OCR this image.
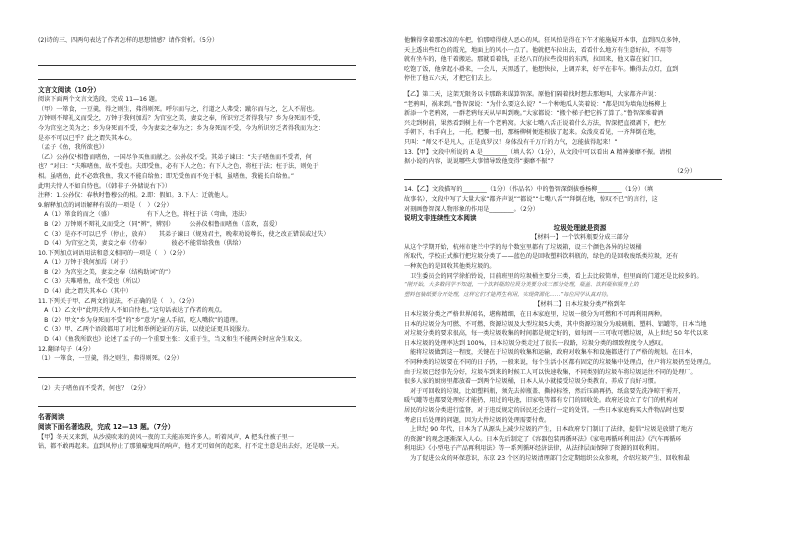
(2)诗的三、四两句表达了作者怎样的思想情感？请作赏析。（5分）

文言文阅读（10分）

阅读下面两个文言文选段，完成 11—16 题。

（甲）一箪食，一豆羹，得之则生，弗得则死。呼尔而与之，行道之人弗受；蹴尔而与之，乞人不屑也。

万钟则不辩礼义而受之，万钟于我何加焉？为宫室之美，妻妾之奉，所识穷乏者得我与？乡为身死而不受，

今为宫室之美为之；乡为身死而不受，今为妻妾之奉为之；乡为身死而不受，今为所识穷乏者得我而为之：

是亦不可以已乎？此之谓失其本心。

（孟子《鱼，我所欲也》）

（乙）公孙仪¹相鲁而嗜鱼，一国尽争买鱼而献之。公孙仪不受。其弟子谏曰：“夫子嗜鱼而不受者，何

也？”对曰：“夫唯嗜鱼，故不受也。夫即受鱼，必有下人之色；有下人之色，将枉于法；枉于法，则免于

相。虽嗜鱼，此不必致我鱼，我又不能自给鱼；即无受鱼而不免于相，虽嗜鱼，我能长自给鱼。”

此明夫恃人不如自恃也。（《韩非子·外储说右下》）

注释：1.公孙仪：春秋时鲁穆公的相。2.即：假如。3.下人：迁就他人。

9.解释加点的词语解释有误的一项是（　）（2分）

　A（1）箪食的而之（盛）　　　　　　有下人之色，将枉于法（弯曲，违法）

　B（2）万钟则不辩礼义而受之（同“辨”，辨别）　　　公孙仪相鲁而嗜鱼（喜欢，喜爱）

　C（3）是亦不可以已乎（停止，放弃）　　其弟子谏曰（规劝君主，晚辈劝说尊长，使之改正错误或过失）

　D（4）为宫室之美，妻妾之奉（侍奉）　　　　彼必不能常给我鱼（供给）

10.下列加点词语用法和意义相同的一项是（　）（2分）

　A（1）万钟于我何加焉（对于）

　B（2）为宫室之美，妻妾之奉（结构助词“的”）

　C（3）夫唯嗜鱼，故不受也（所以）

　D（4）此之谓失其本心（其中）

11.下列关于甲、乙两文的说法，不正确的是（　）。（2分）

　A（1）乙文中“此明夫恃人不如自恃也。”这句话表达了作者的观点。

　B（2）甲文“乡为身死而不受”的“乡”意为“童人手招，吃人嘴软”的道理。

　C（3）甲、乙两个语段都用了对比和举例论证的方法，以使论证更具说服力。

　D（4）《鱼我所欲也》论述了孟子的一个重要主张：义重于生，当义和生不能两全时应舍生取义。

12.翻译句子（4分）

（1）一箪食，一豆羹，得之则生，弗得则死。（2分）

（2）夫子嗜鱼而不受者，何也？（2分）

名著阅读

阅读下面名著选段，完成 12—13 题。（7分）

【甲】冬天又来到，从沙漠吹来的黄风一夜的工夫能冻死许多人。听着风声，A 把头往被子里一

钻，都不敢再起来。直到风停止了那狼嚎鬼叫的响声，他才无可如何的起来，打不定主意是出去好，还是歇一天。

他懒得拿着那冰凉的车把，怕那噎得使人恶心的风。狂风怕是得在下午才能施展开本事，直到四点多钟，

天上透出些红色的霞光，地面上的风小一点了。他就把车拉出去，看看什么地方有生意好拉，不用等

就有坐车的，他干着搬运。那就看着钱，正经八百的拉些没用的东西，拉回来，他又靠在家门口，

吃饱了饭，他拿起小褂来，一会儿，天黑透了，他想快拉，上调弄来，好平在非车。懒得去点灯，直到

停住了他五六天，才把它们去上。

【乙】第二天，这架无限务以卡那路来谋算智深。原他们隔着找时想去那地叫，大家都齐声说：

“老鸦叫，祸来到。”鲁智深说：“为什么要这么说？”一个种地瓜人笑着说：“都是因为墙角边杨柳上

新添一个老鸦窝，一群老鸦每天从早叫到晚。”大家都说：“搬个梯子把它拆了算了。”鲁智深乘着酒

兴走到树前，果然看到树上有一个老鸦窝。大家七嘴八舌正说着什么方法，智深把直裰剥下，把左

手朝下，右手向上，一托，把腰一扭，那杨柳树便连根拔了起来。众泼皮看见，一齐拜倒在地，

只叫：“师父不是凡人，正是真罗汉！身体没有千万斤的力气，怎能拔得起来！”

13.【甲】文段中所说的 A 是________（填人名）（1分），从文段中可以看出 A 精神萎靡不振。请根

据小说的内容，说说哪些大事情导致他变得“萎靡不振”？

（2分）

14.【乙】文段描写的________（1分）（作品名）中的鲁智深倒拔垂杨柳________（1分）（填

故事名），文段中写了大量大家“都齐声说”“都说”“七嘴八舌”“拜倒在地，惊叹不已”的言行，这

对刻画鲁智深人物形象的作用是________。（2分）

说明文非连续性文本阅读

垃圾处理就是资源

【材料一】一个饮料瓶要分成三部分

从这个学期开始，杭州市建兰中学的每个数室里都有了垃圾箱，设三个颜色各异的垃圾桶

所取代，学校正式推行把垃圾分类了——蓝色的是回收塑料饮料瓶的，绿色的是回收废纸类垃圾，还有

一种灰色的是回收其他类垃圾的。

　卫生委员会的同学徐拍铃说，目前班里的垃圾桶主要分三类，看上去比较简单，但里面的门道还是比较多的。

“刚开始，大多数同学不知道，一个饮料瓶的垃圾分类要分成三部分处理，瓶盖、饮料瓶和瓶身上的

塑料包装纸要分开处理，这样它们才能再生利用，实现资源化……”每位同学认真对待。

【材料二】日本垃圾分类严格到年

日本垃圾分类之严格世界闻名，堪称精细，在日本家庭里，垃圾一般分为可燃和不可再利用两种。

日本的垃圾分为可燃、不可燃、资源垃圾及大型垃圾5大类，其中资源垃圾分为玻璃瓶、塑料、铝罐等，日本当地

对垃圾分类的要求很高，每一类垃圾收集的时间都是规定好的，如每周一三可收可燃垃圾，从上世纪 50 年代以来

日本垃圾的处理率达到 100%，日本垃圾分类走过了很长一段路，垃圾分类的细致程度令人感叹。

　能将垃圾做到这一程度，关键在于垃圾的收集和运输，政府对收集车和设施都进行了严格的规划。在日本，

不同种类的垃圾要在不同的日子扔，一般来说，每个生活小区都有固定的垃圾集中处理点，住户将垃圾扔至处理点。

由于垃圾已经事先分好，垃圾车到来的时候工人可以快速收集，不同类别的垃圾车将垃圾运往不同的处理厂。

很多人家的厨房里都放着一到两个垃圾桶，日本人从小就接受垃圾分类教育，养成了良好习惯。

　对于可回收的垃圾，比如塑料瓶，须先去掉瓶盖、撕掉标签，然后压扁再扔，纸盒要先洗净晾干剪开，

暖气罐等也都要处理好才能扔，用过的电池，旧家电等都有专门的回收处。政府还设立了专门的机构对

居民的垃圾分类进行监督，对于违反规定的居民还会进行一定的处罚。一些日本家庭购买大件物品时也要

考虑日后处理的问题，因为大件垃圾的处理需要付费。

　上世纪 90 年代，日本为了从源头上减少垃圾的产生，日本政府专门制订了法律，提倡“垃圾是放错了地方

的资源”的观念逐渐深入人心。日本先后制定了《容器包装再循环法》《家电再循环利用法》《汽车再循环

利用法》《小型电子产品再利用法》等一系列循环经济法律，从法律层面保障了资源的回收利用。

　为了促进公众的环保意识，东京 23 个区的垃圾清理部门会定期组织公众参观，介绍垃圾产生、回收和最
